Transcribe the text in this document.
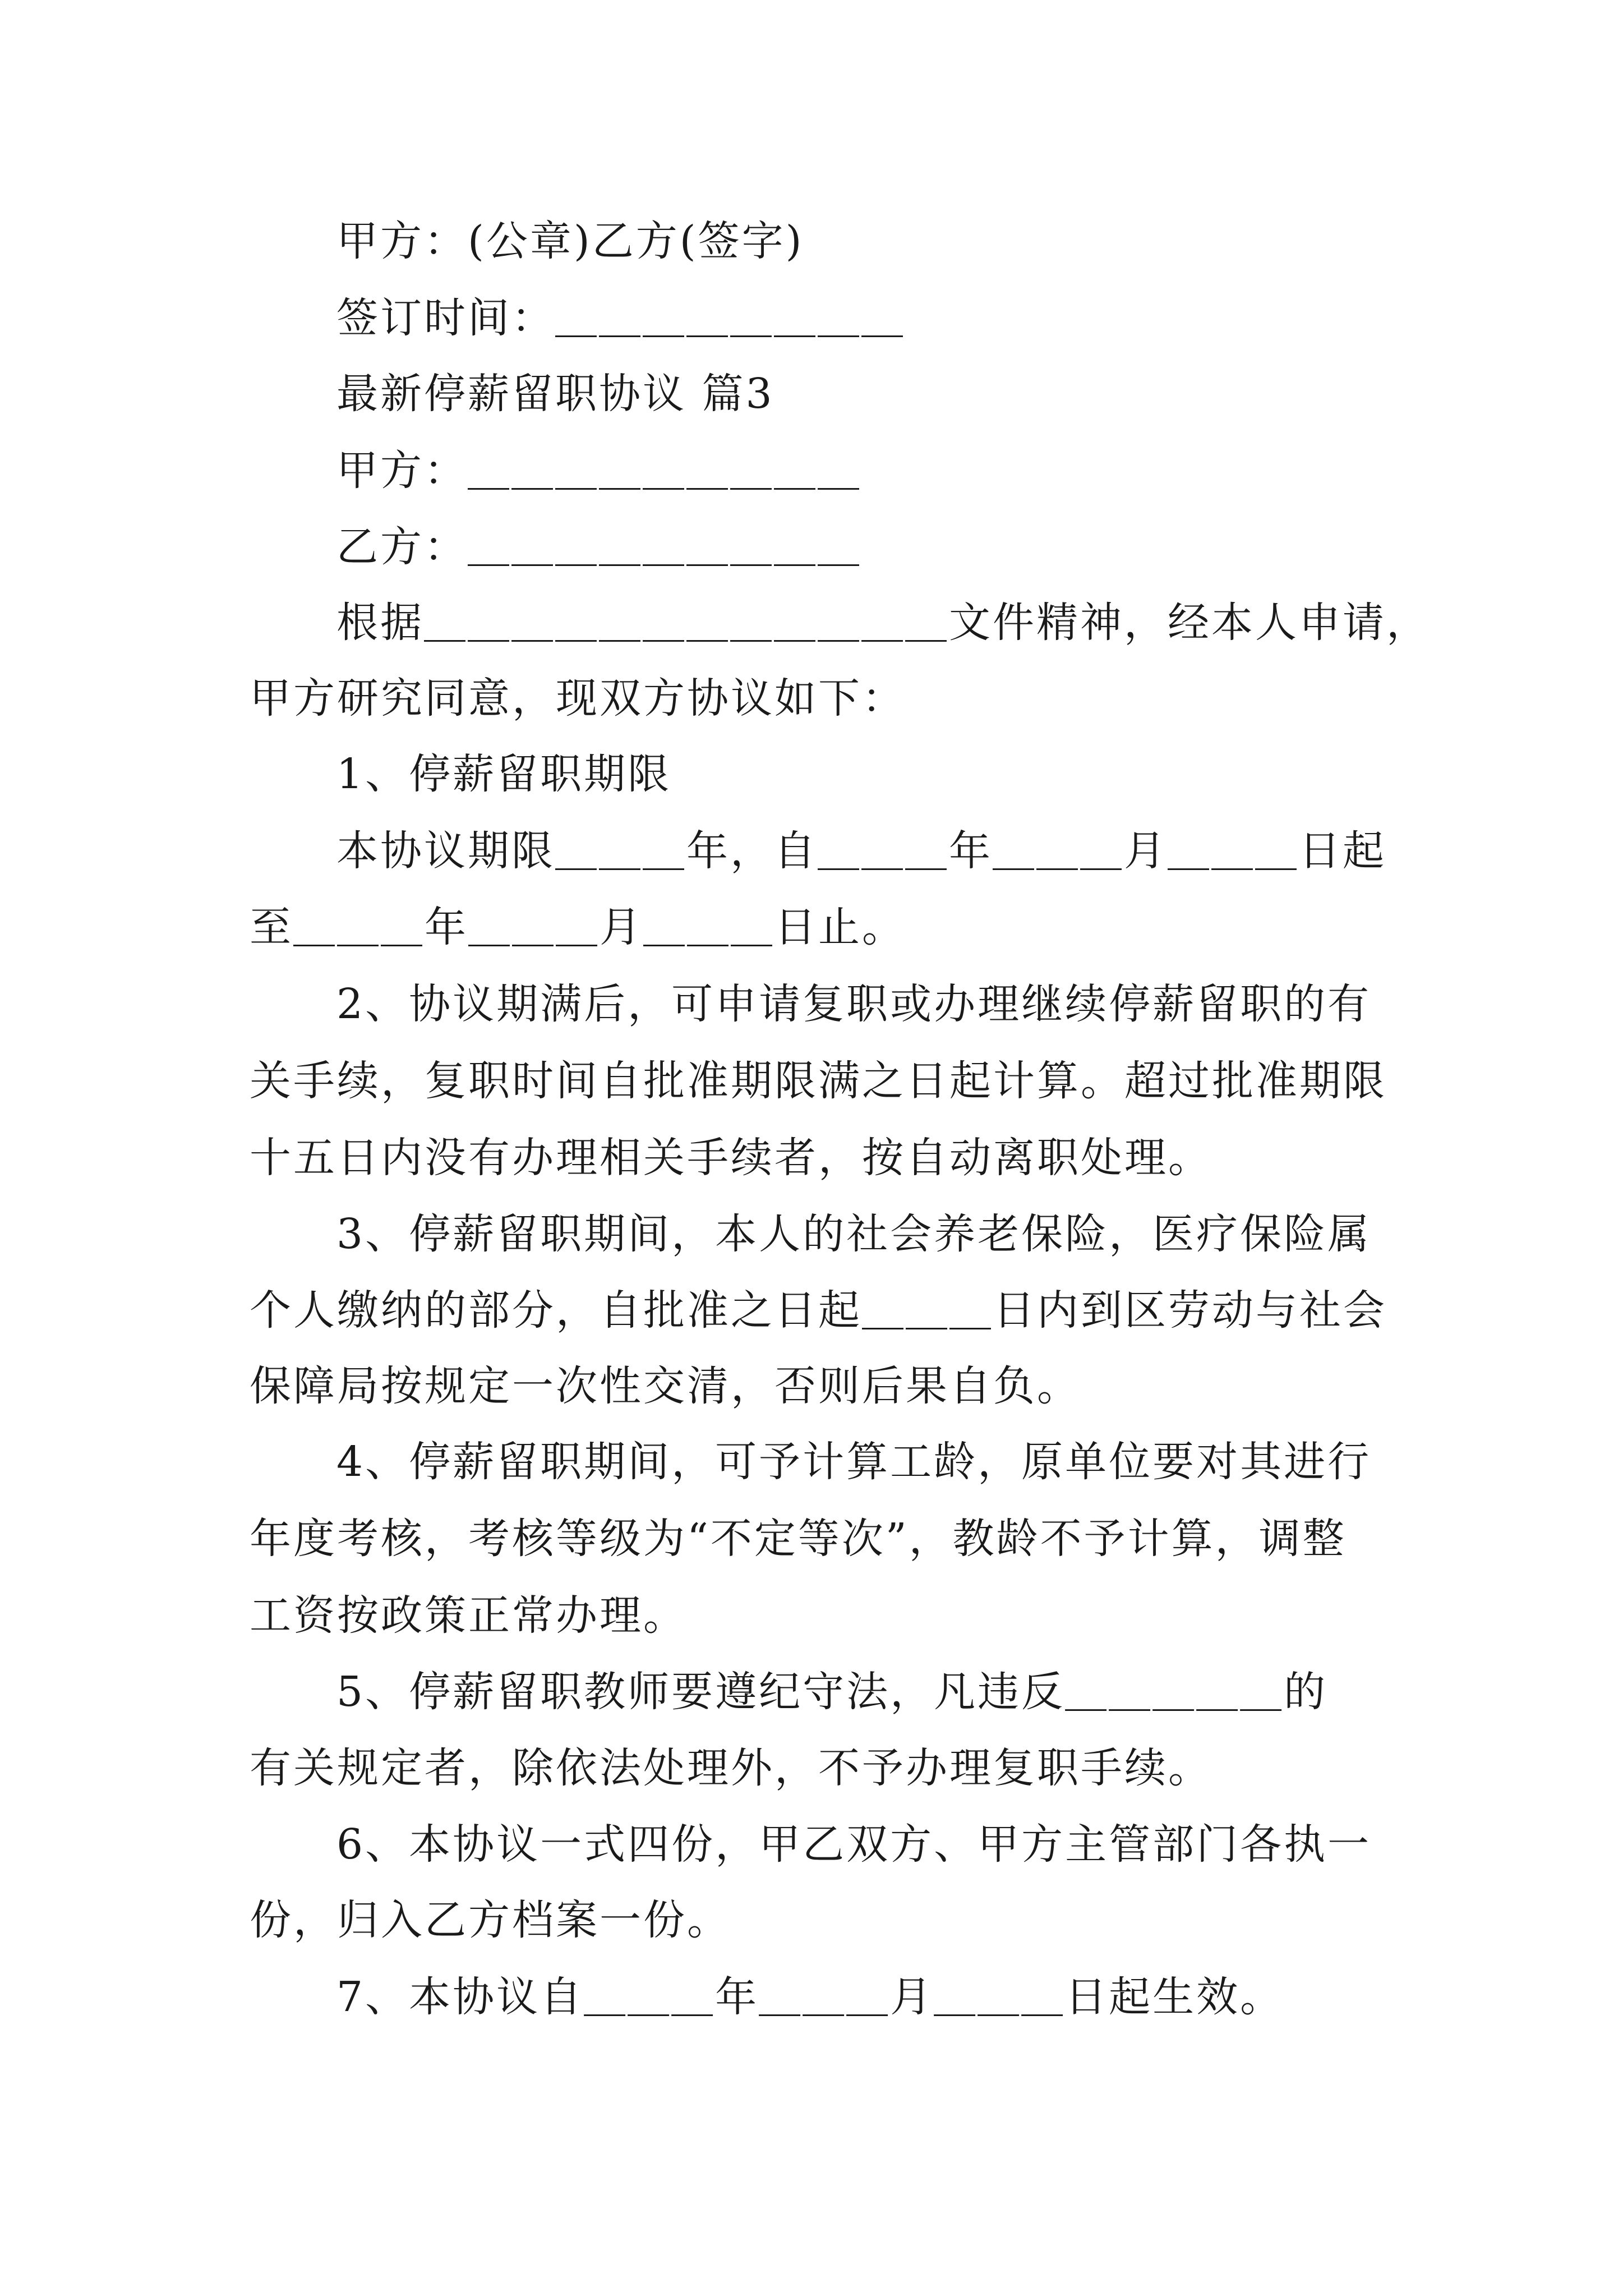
甲方：(公章)乙方(签字)
签订时间：＿＿＿＿＿＿＿＿
最新停薪留职协议 篇3
甲方：＿＿＿＿＿＿＿＿＿
乙方：＿＿＿＿＿＿＿＿＿
根据＿＿＿＿＿＿＿＿＿＿＿＿文件精神，经本人申请，
甲方研究同意，现双方协议如下：
1、停薪留职期限
本协议期限＿＿＿年，自＿＿＿年＿＿＿月＿＿＿日起
至＿＿＿年＿＿＿月＿＿＿日止。
2、协议期满后，可申请复职或办理继续停薪留职的有
关手续，复职时间自批准期限满之日起计算。超过批准期限
十五日内没有办理相关手续者，按自动离职处理。
3、停薪留职期间，本人的社会养老保险，医疗保险属
个人缴纳的部分，自批准之日起＿＿＿日内到区劳动与社会
保障局按规定一次性交清，否则后果自负。
4、停薪留职期间，可予计算工龄，原单位要对其进行
年度考核，考核等级为“不定等次”，教龄不予计算，调整
工资按政策正常办理。
5、停薪留职教师要遵纪守法，凡违反＿＿＿＿＿的
有关规定者，除依法处理外，不予办理复职手续。
6、本协议一式四份，甲乙双方、甲方主管部门各执一
份，归入乙方档案一份。
7、本协议自＿＿＿年＿＿＿月＿＿＿日起生效。
